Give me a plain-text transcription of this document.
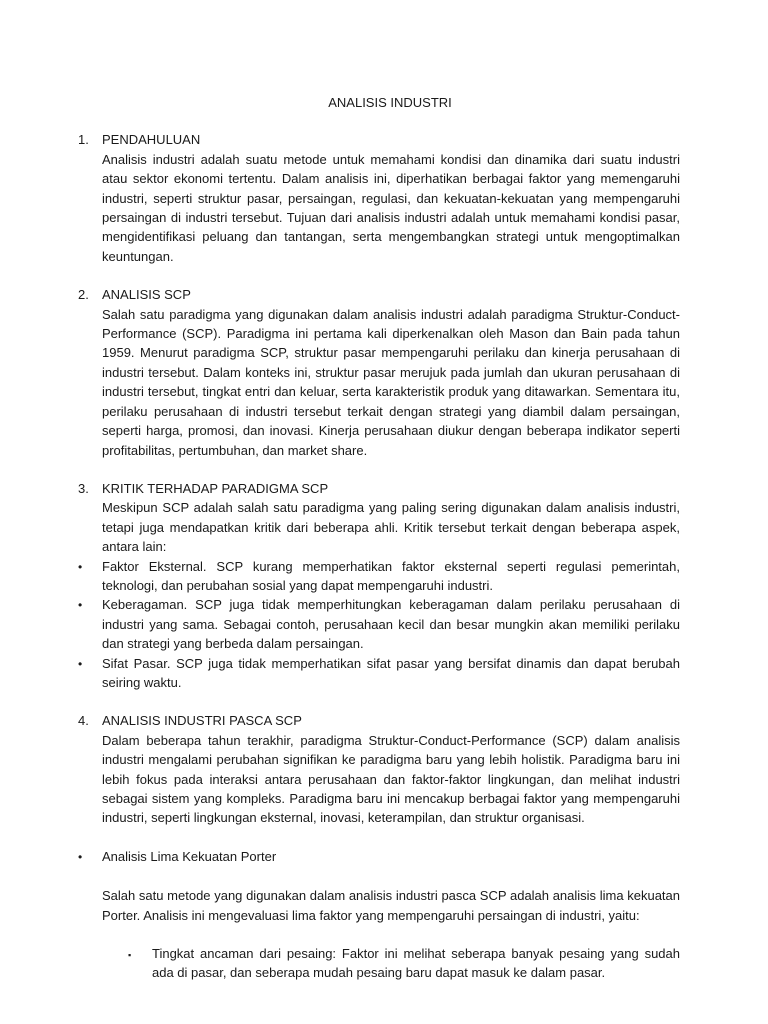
ANALISIS INDUSTRI
1.	PENDAHULUAN

Analisis industri adalah suatu metode untuk memahami kondisi dan dinamika dari suatu industri atau sektor ekonomi tertentu. Dalam analisis ini, diperhatikan berbagai faktor yang memengaruhi industri, seperti struktur pasar, persaingan, regulasi, dan kekuatan-kekuatan yang mempengaruhi persaingan di industri tersebut. Tujuan dari analisis industri adalah untuk memahami kondisi pasar, mengidentifikasi peluang dan tantangan, serta mengembangkan strategi untuk mengoptimalkan keuntungan.

2.	ANALISIS SCP

Salah satu paradigma yang digunakan dalam analisis industri adalah paradigma Struktur-Conduct-Performance (SCP). Paradigma ini pertama kali diperkenalkan oleh Mason dan Bain pada tahun 1959. Menurut paradigma SCP, struktur pasar mempengaruhi perilaku dan kinerja perusahaan di industri tersebut. Dalam konteks ini, struktur pasar merujuk pada jumlah dan ukuran perusahaan di industri tersebut, tingkat entri dan keluar, serta karakteristik produk yang ditawarkan. Sementara itu, perilaku perusahaan di industri tersebut terkait dengan strategi yang diambil dalam persaingan, seperti harga, promosi, dan inovasi. Kinerja perusahaan diukur dengan beberapa indikator seperti profitabilitas, pertumbuhan, dan market share.

3.	KRITIK TERHADAP PARADIGMA SCP

Meskipun SCP adalah salah satu paradigma yang paling sering digunakan dalam analisis industri, tetapi juga mendapatkan kritik dari beberapa ahli. Kritik tersebut terkait dengan beberapa aspek, antara lain:

•	Faktor Eksternal. SCP kurang memperhatikan faktor eksternal seperti regulasi pemerintah, teknologi, dan perubahan sosial yang dapat mempengaruhi industri.
•	Keberagaman. SCP juga tidak memperhitungkan keberagaman dalam perilaku perusahaan di industri yang sama. Sebagai contoh, perusahaan kecil dan besar mungkin akan memiliki perilaku dan strategi yang berbeda dalam persaingan.
•	Sifat Pasar. SCP juga tidak memperhatikan sifat pasar yang bersifat dinamis dan dapat berubah seiring waktu.
4.	ANALISIS INDUSTRI PASCA SCP

Dalam beberapa tahun terakhir, paradigma Struktur-Conduct-Performance (SCP) dalam analisis industri mengalami perubahan signifikan ke paradigma baru yang lebih holistik. Paradigma baru ini lebih fokus pada interaksi antara perusahaan dan faktor-faktor lingkungan, dan melihat industri sebagai sistem yang kompleks. Paradigma baru ini mencakup berbagai faktor yang mempengaruhi industri, seperti lingkungan eksternal, inovasi, keterampilan, dan struktur organisasi.

•	Analisis Lima Kekuatan Porter

Salah satu metode yang digunakan dalam analisis industri pasca SCP adalah analisis lima kekuatan Porter. Analisis ini mengevaluasi lima faktor yang mempengaruhi persaingan di industri, yaitu:

▪	Tingkat ancaman dari pesaing: Faktor ini melihat seberapa banyak pesaing yang sudah ada di pasar, dan seberapa mudah pesaing baru dapat masuk ke dalam pasar.
